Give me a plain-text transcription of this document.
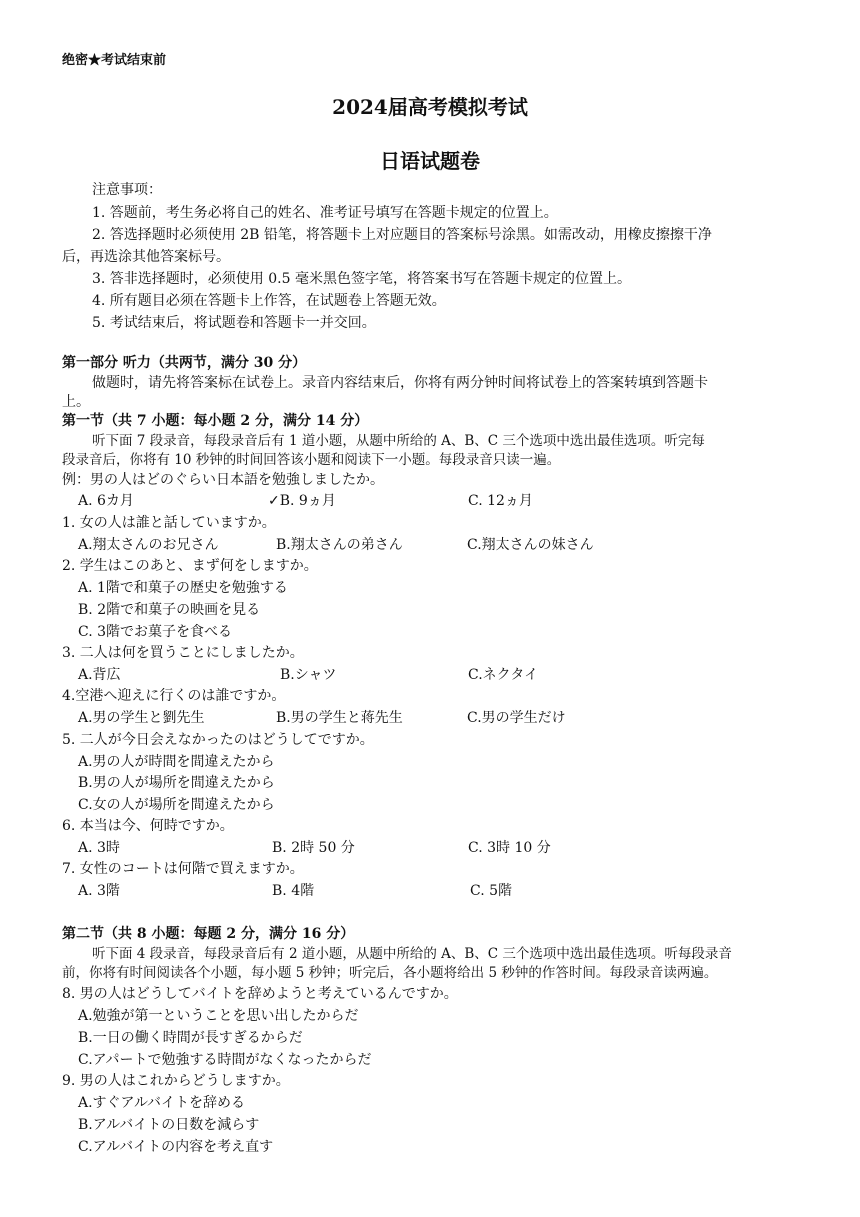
绝密★考试结束前
2024届高考模拟考试
日语试题卷
注意事项：
1. 答题前，考生务必将自己的姓名、准考证号填写在答题卡规定的位置上。
2. 答选择题时必须使用 2B 铅笔，将答题卡上对应题目的答案标号涂黑。如需改动，用橡皮擦擦干净
后，再选涂其他答案标号。
3. 答非选择题时，必须使用 0.5 毫米黑色签字笔，将答案书写在答题卡规定的位置上。
4. 所有题目必须在答题卡上作答，在试题卷上答题无效。
5. 考试结束后，将试题卷和答题卡一并交回。
第一部分 听力（共两节，满分 30 分）
做题时，请先将答案标在试卷上。录音内容结束后，你将有两分钟时间将试卷上的答案转填到答题卡
上。
第一节（共 7 小题：每小题 2 分，满分 14 分）
听下面 7 段录音，每段录音后有 1 道小题，从题中所给的 A、B、C 三个选项中选出最佳选项。听完每
段录音后，你将有 10 秒钟的时间回答该小题和阅读下一小题。每段录音只读一遍。
例：男の人はどのぐらい日本語を勉強しましたか。
A. 6カ月	✓B. 9ヵ月	C. 12ヵ月
1. 女の人は誰と話していますか。
A.翔太さんのお兄さん	B.翔太さんの弟さん	C.翔太さんの妹さん
2. 学生はこのあと、まず何をしますか。
A. 1階で和菓子の歴史を勉強する
B. 2階で和菓子の映画を見る
C. 3階でお菓子を食べる
3. 二人は何を買うことにしましたか。
A.背広	B.シャツ	C.ネクタイ
4.空港へ迎えに行くのは誰ですか。
A.男の学生と劉先生	B.男の学生と蒋先生	C.男の学生だけ
5. 二人が今日会えなかったのはどうしてですか。
A.男の人が時間を間違えたから
B.男の人が場所を間違えたから
C.女の人が場所を間違えたから
6. 本当は今、何時ですか。
A. 3時	B. 2時 50 分	C. 3時 10 分
7. 女性のコートは何階で買えますか。
A. 3階	B. 4階	C. 5階
第二节（共 8 小题：每题 2 分，满分 16 分）
听下面 4 段录音，每段录音后有 2 道小题，从题中所给的 A、B、C 三个选项中选出最佳选项。听每段录音
前，你将有时间阅读各个小题，每小题 5 秒钟；听完后，各小题将给出 5 秒钟的作答时间。每段录音读两遍。
8. 男の人はどうしてバイトを辞めようと考えているんですか。
A.勉強が第一ということを思い出したからだ
B.一日の働く時間が長すぎるからだ
C.アパートで勉強する時間がなくなったからだ
9. 男の人はこれからどうしますか。
A.すぐアルバイトを辞める
B.アルバイトの日数を減らす
C.アルバイトの内容を考え直す
